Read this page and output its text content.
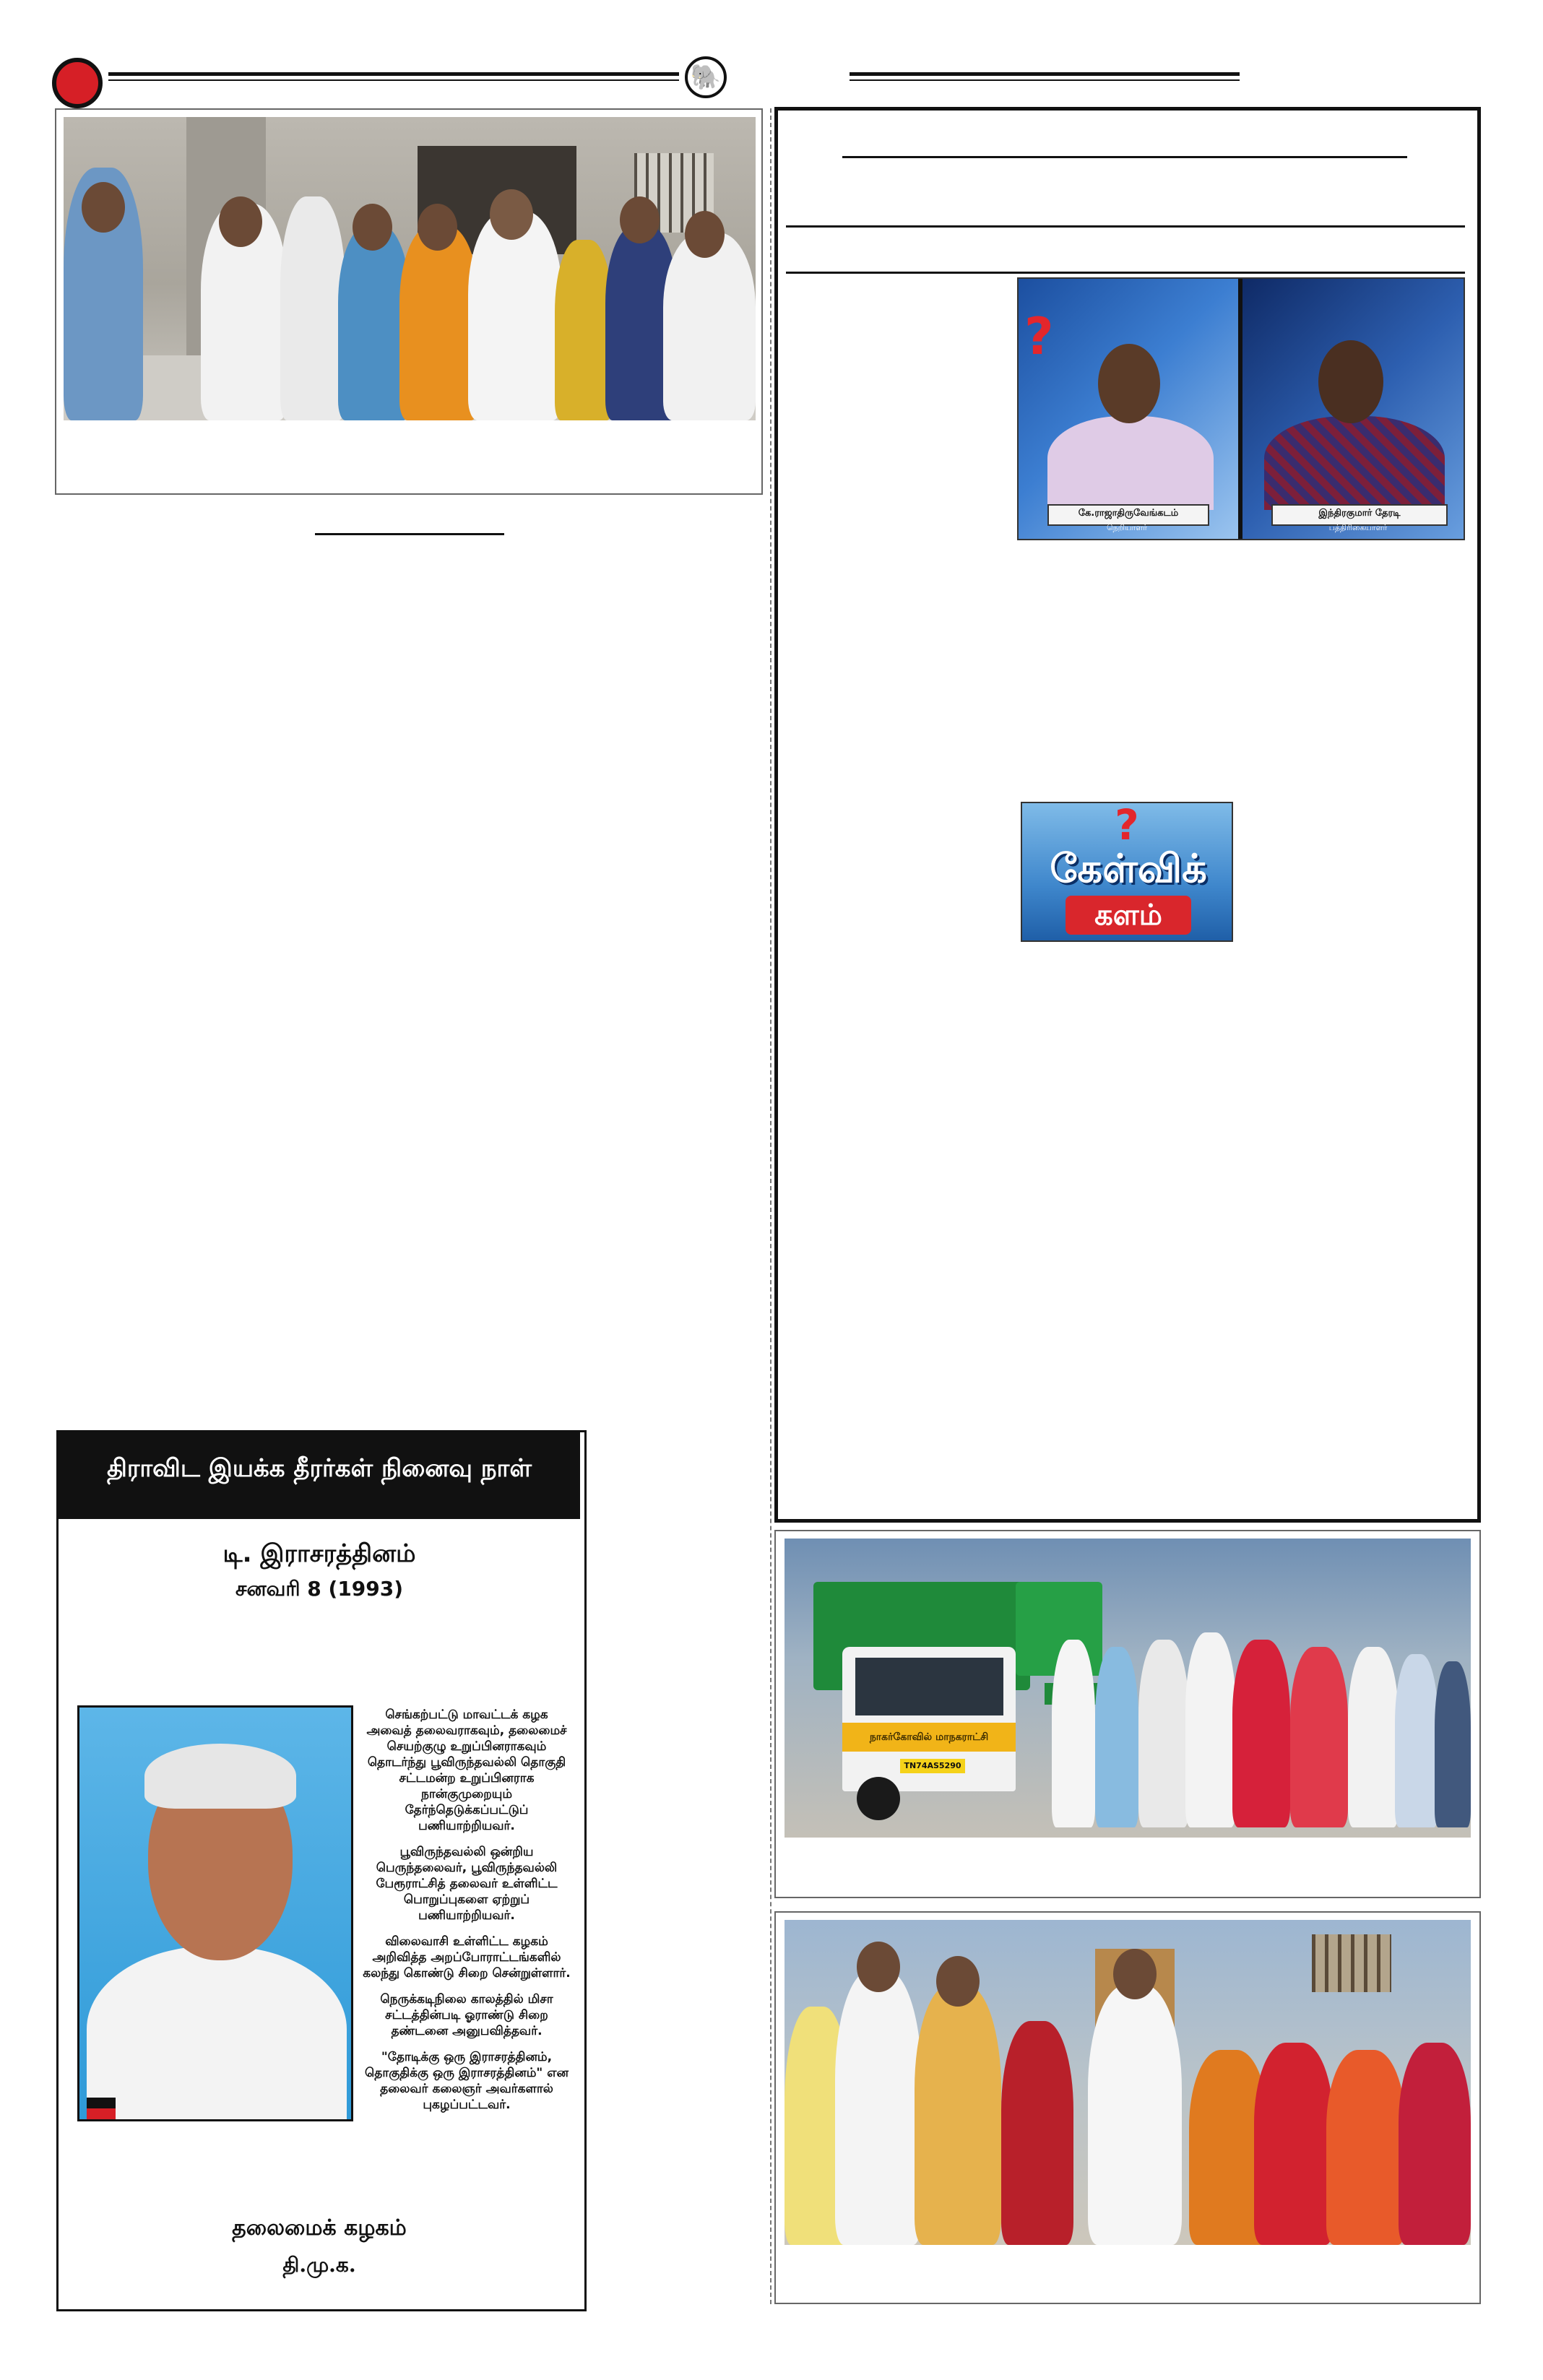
🐘
?
கே.ராஜாதிருவேங்கடம்
நெறியாளர்
இந்திரகுமார் தேரடி
பத்திரிகையாளர்
?
கேள்விக்
களம்
திராவிட இயக்க தீரர்கள் நினைவு நாள்
டி. இராசரத்தினம்
சனவரி 8 (1993)

செங்கற்பட்டு மாவட்டக் கழக அவைத் தலைவராகவும், தலைமைச் செயற்குழு உறுப்பினராகவும் தொடர்ந்து பூவிருந்தவல்லி தொகுதி சட்டமன்ற உறுப்பினராக நான்குமுறையும் தேர்ந்தெடுக்கப்பட்டுப் பணியாற்றியவர்.

பூவிருந்தவல்லி ஒன்றிய பெருந்தலைவர், பூவிருந்தவல்லி பேரூராட்சித் தலைவர் உள்ளிட்ட பொறுப்புகளை ஏற்றுப் பணியாற்றியவர்.

விலைவாசி உள்ளிட்ட கழகம் அறிவித்த அறப்போராட்டங்களில் கலந்து கொண்டு சிறை சென்றுள்ளார்.

நெருக்கடிநிலை காலத்தில் மிசா சட்டத்தின்படி ஓராண்டு சிறை தண்டனை அனுபவித்தவர்.

"தோடிக்கு ஒரு இராசரத்தினம், தொகுதிக்கு ஒரு இராசரத்தினம்" என தலைவர் கலைஞர் அவர்களால் புகழப்பட்டவர்.

தலைமைக் கழகம்
தி.மு.க.
நாகர்கோவில் மாநகராட்சி
TN74AS5290
